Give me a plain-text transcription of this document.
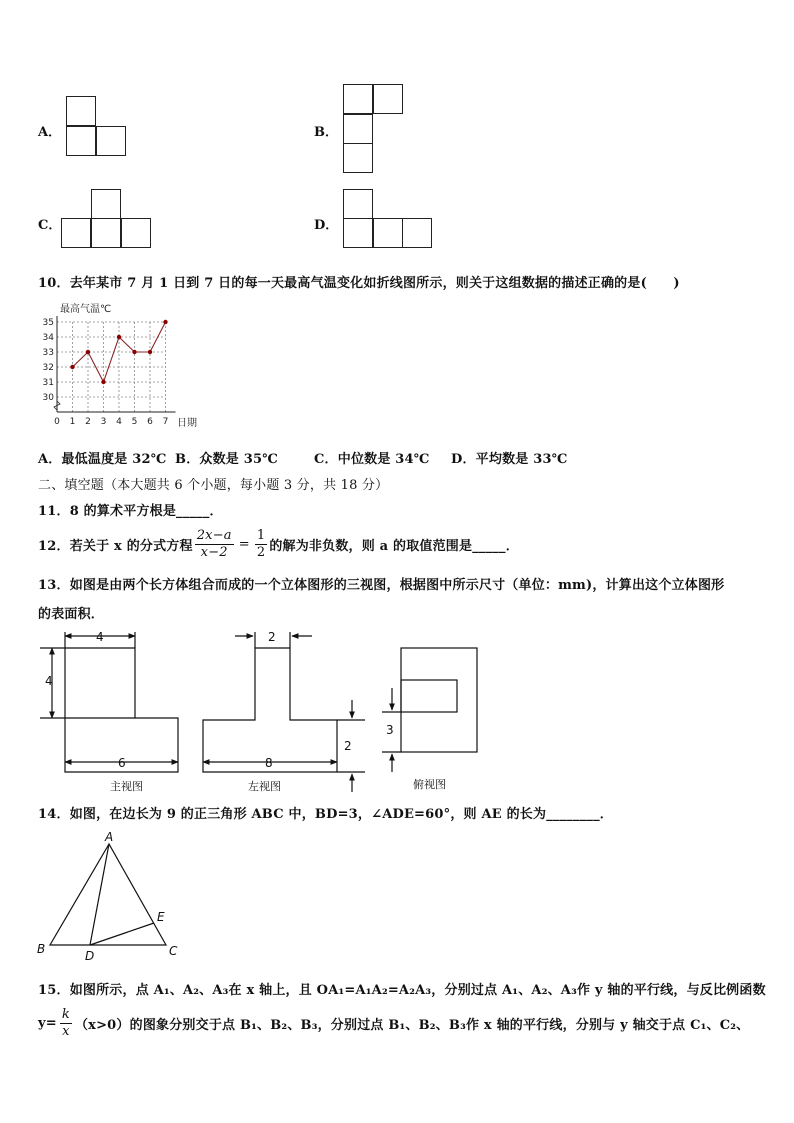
A．	B．
C．	D．
10．去年某市 7 月 1 日到 7 日的每一天最高气温变化如折线图所示，则关于这组数据的描述正确的是(　　)
最高气温℃
30
31
32
33
34
35
0 1 2 3 4 5 6 7 日期
A．最低温度是 32℃ B．众数是 35℃	C．中位数是 34℃ D．平均数是 33℃
二、填空题（本大题共 6 个小题，每小题 3 分，共 18 分）
11．8 的算术平方根是_____．
12．若关于 x 的分式方程 $\frac{2x-a}{x-2} = \frac{1}{2}$ 的解为非负数，则 a 的取值范围是_____．
13．如图是由两个长方体组合而成的一个立体图形的三视图，根据图中所示尺寸（单位：mm)，计算出这个立体图形
的表面积．
4
4
6
主视图
2
8
2
左视图
3
俯视图
14．如图，在边长为 9 的正三角形 ABC 中，BD=3，∠ADE=60°，则 AE 的长为________．
A
B	C
D
E
15．如图所示，点 A₁、A₂、A₃在 x 轴上，且 OA₁=A₁A₂=A₂A₃，分别过点 A₁、A₂、A₃作 y 轴的平行线，与反比例函数
$y= \frac{k}{x} (x>0)$的图象分别交于点 B₁、B₂、B₃，分别过点 B₁、B₂、B₃作 x 轴的平行线，分别与 y 轴交于点 C₁、C₂、
